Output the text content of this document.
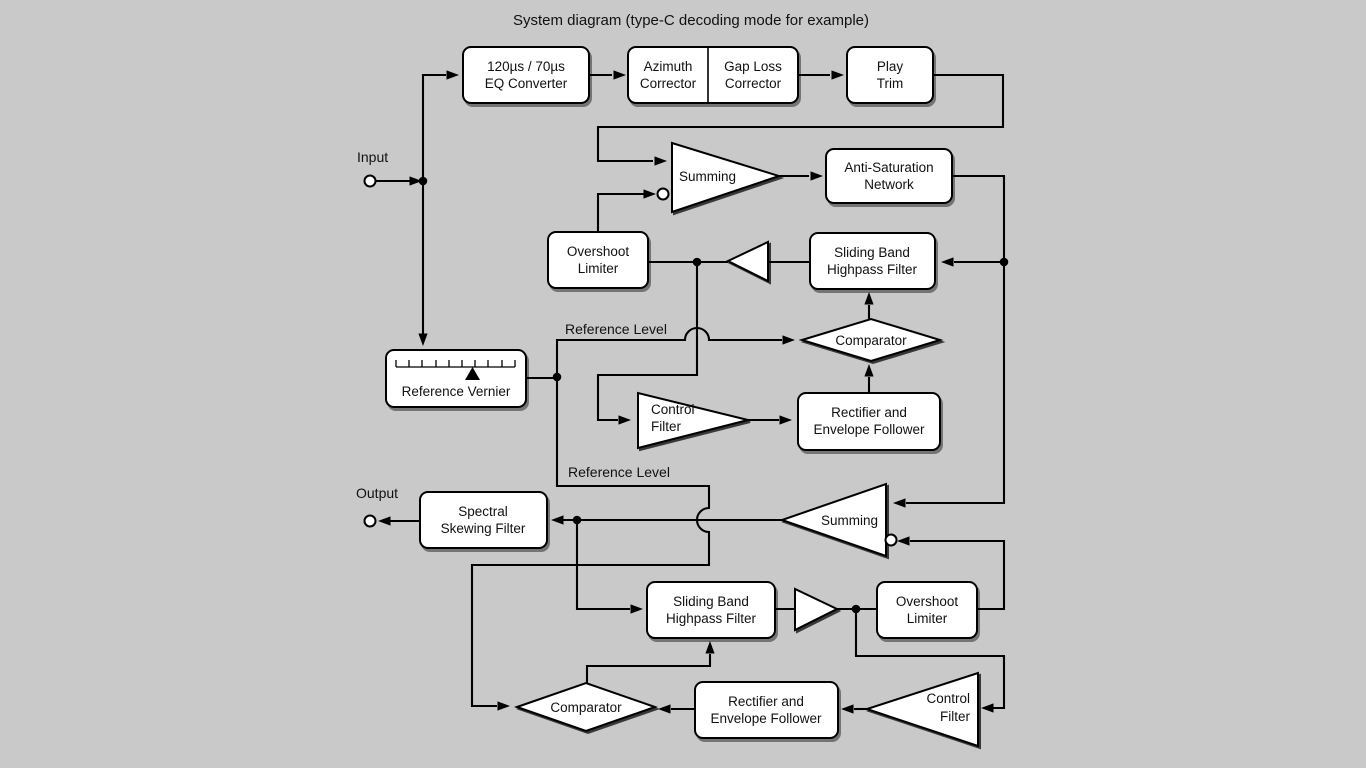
System diagram (type-C decoding mode for example)
Input
Output
Reference Level
Reference Level
120µs / 70µs
EQ Converter
Azimuth
Corrector
Gap Loss
Corrector
Play
Trim
Anti-Saturation
Network
Overshoot
Limiter
Sliding Band
Highpass Filter
Rectifier and
Envelope Follower
Reference Vernier
Spectral
Skewing Filter
Sliding Band
Highpass Filter
Overshoot
Limiter
Rectifier and
Envelope Follower
Comparator
Comparator
Summing
Summing
Control
Filter
Control
Filter
